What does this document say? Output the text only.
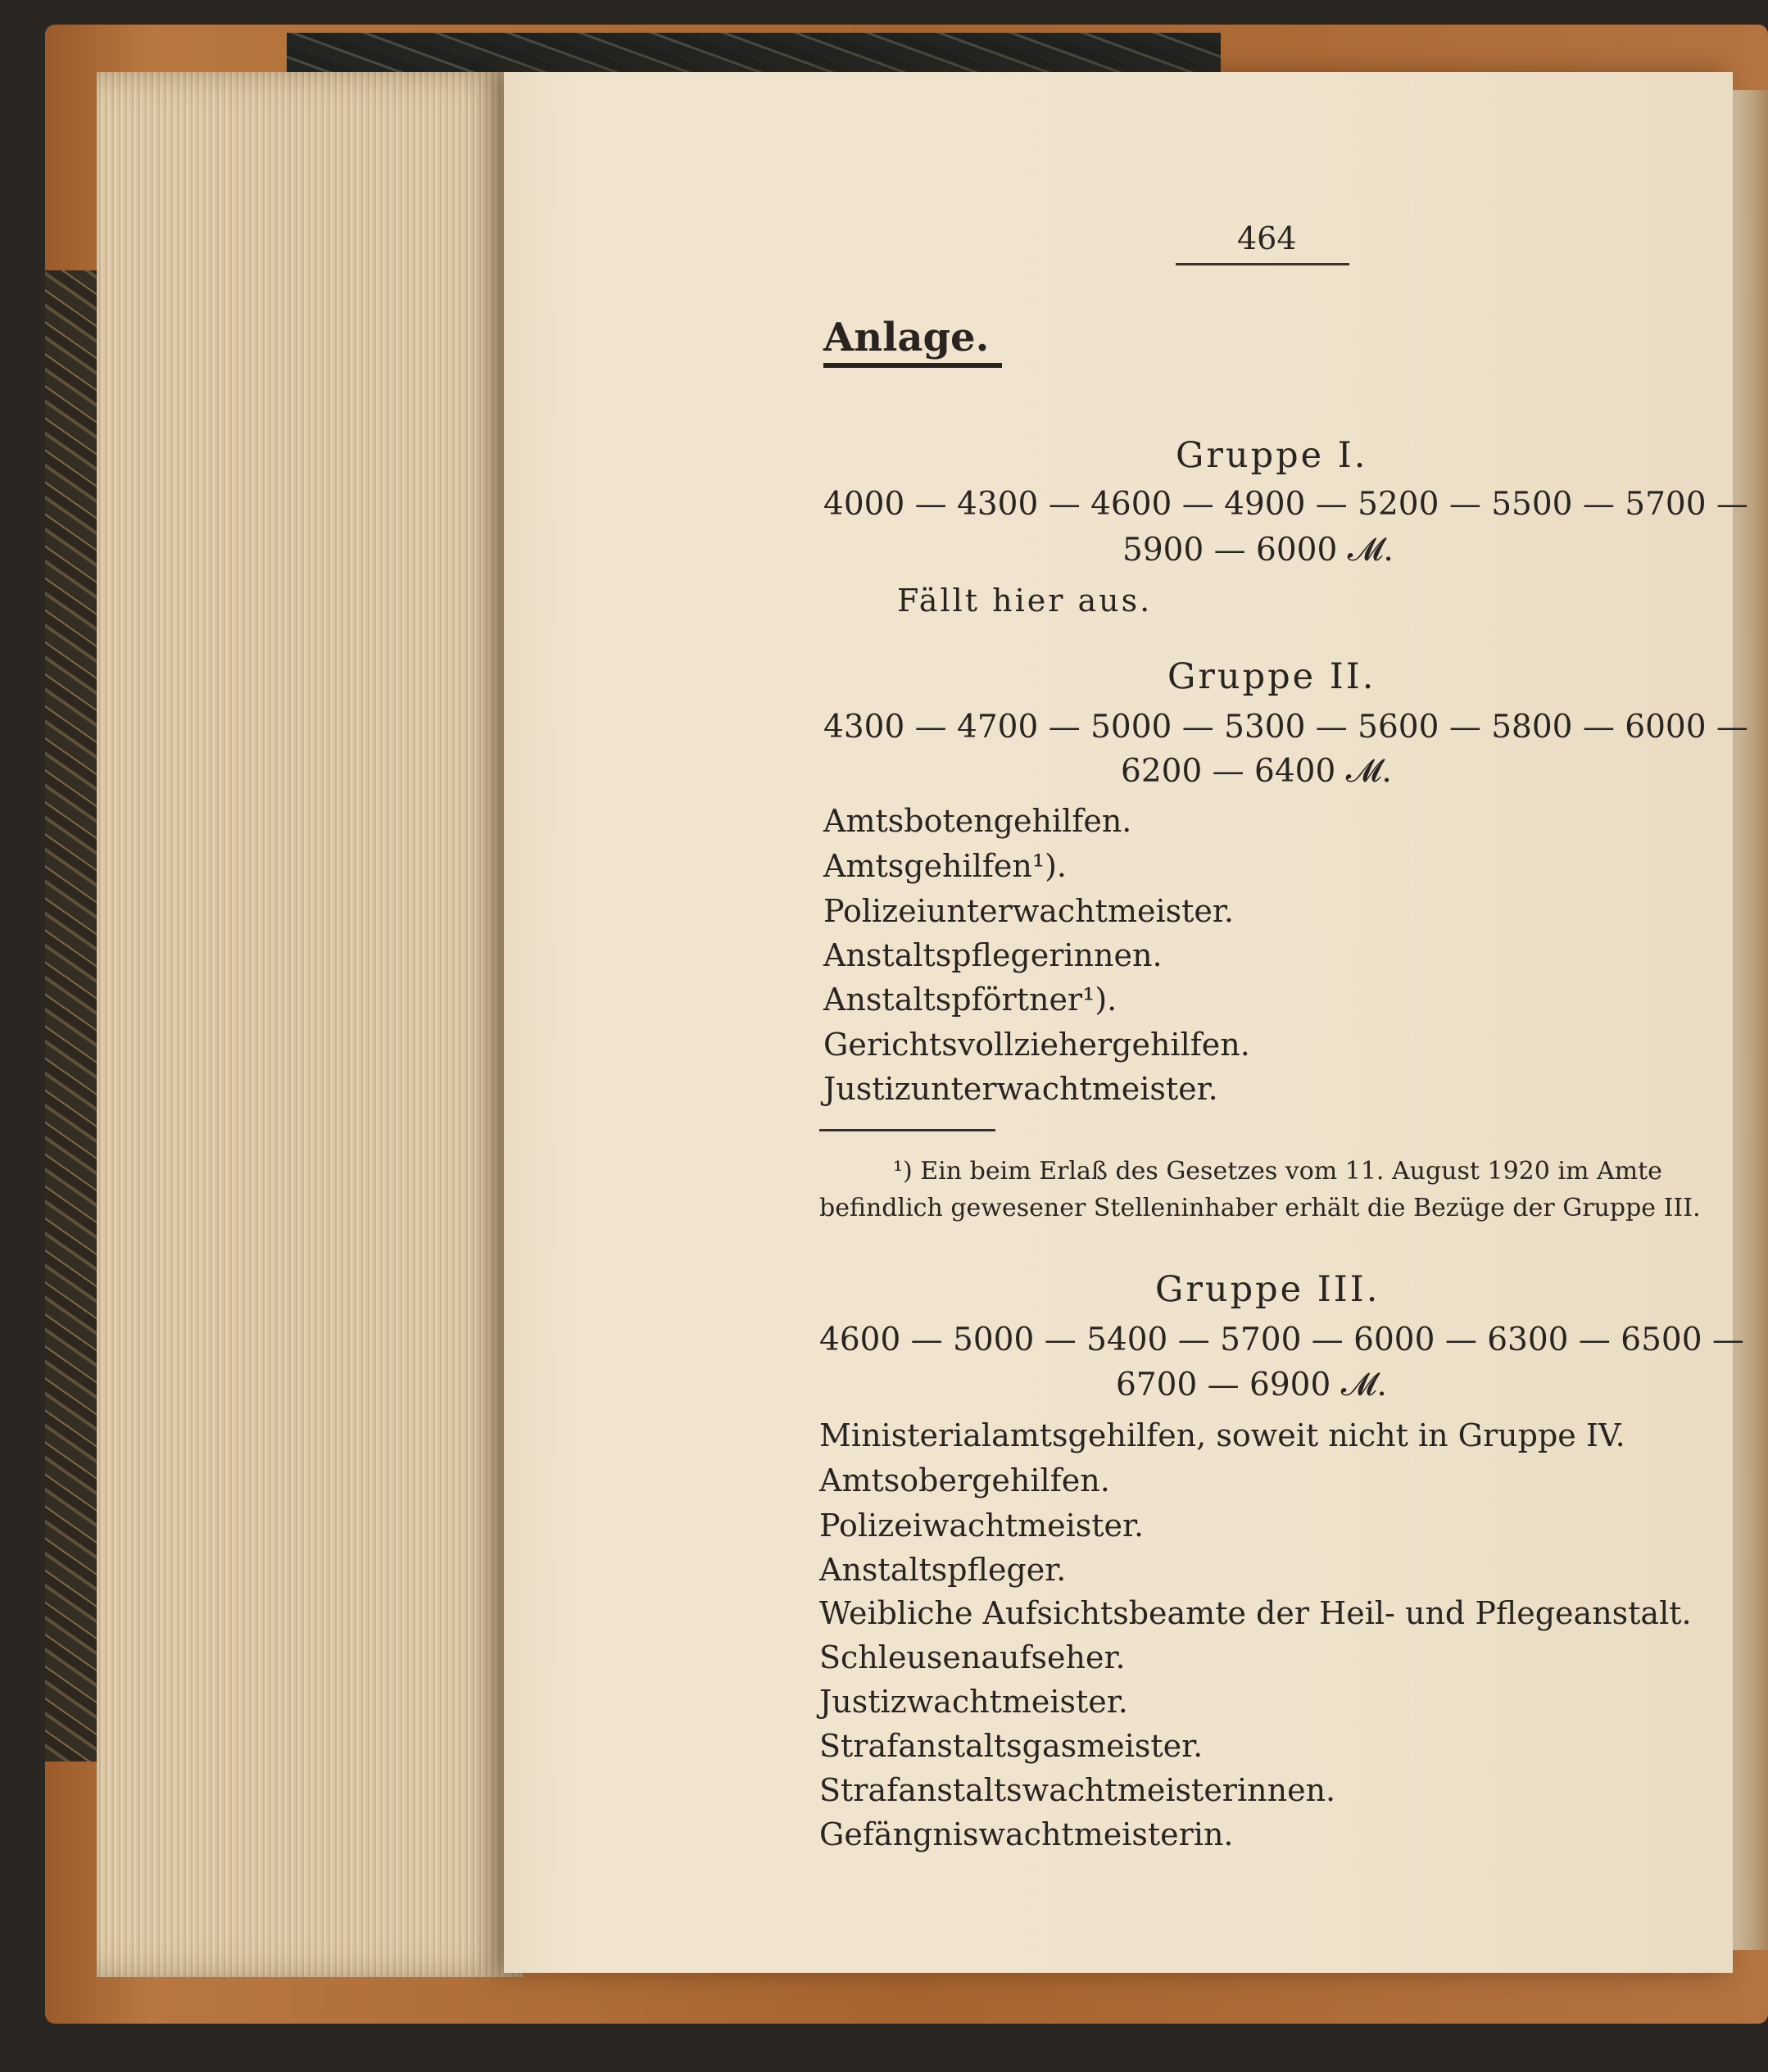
464
Anlage.
Gruppe I.
4000 — 4300 — 4600 — 4900 — 5200 — 5500 — 5700 —
5900 — 6000 𝓜.
Fällt hier aus.
Gruppe II.
4300 — 4700 — 5000 — 5300 — 5600 — 5800 — 6000 —
6200 — 6400 𝓜.
Amtsbotengehilfen.
Amtsgehilfen¹).
Polizeiunterwachtmeister.
Anstaltspflegerinnen.
Anstaltspförtner¹).
Gerichtsvollziehergehilfen.
Justizunterwachtmeister.
¹) Ein beim Erlaß des Gesetzes vom 11. August 1920 im Amte
befindlich gewesener Stelleninhaber erhält die Bezüge der Gruppe III.
Gruppe III.
4600 — 5000 — 5400 — 5700 — 6000 — 6300 — 6500 —
6700 — 6900 𝓜.
Ministerialamtsgehilfen, soweit nicht in Gruppe IV.
Amtsobergehilfen.
Polizeiwachtmeister.
Anstaltspfleger.
Weibliche Aufsichtsbeamte der Heil- und Pflegeanstalt.
Schleusenaufseher.
Justizwachtmeister.
Strafanstaltsgasmeister.
Strafanstaltswachtmeisterinnen.
Gefängniswachtmeisterin.
